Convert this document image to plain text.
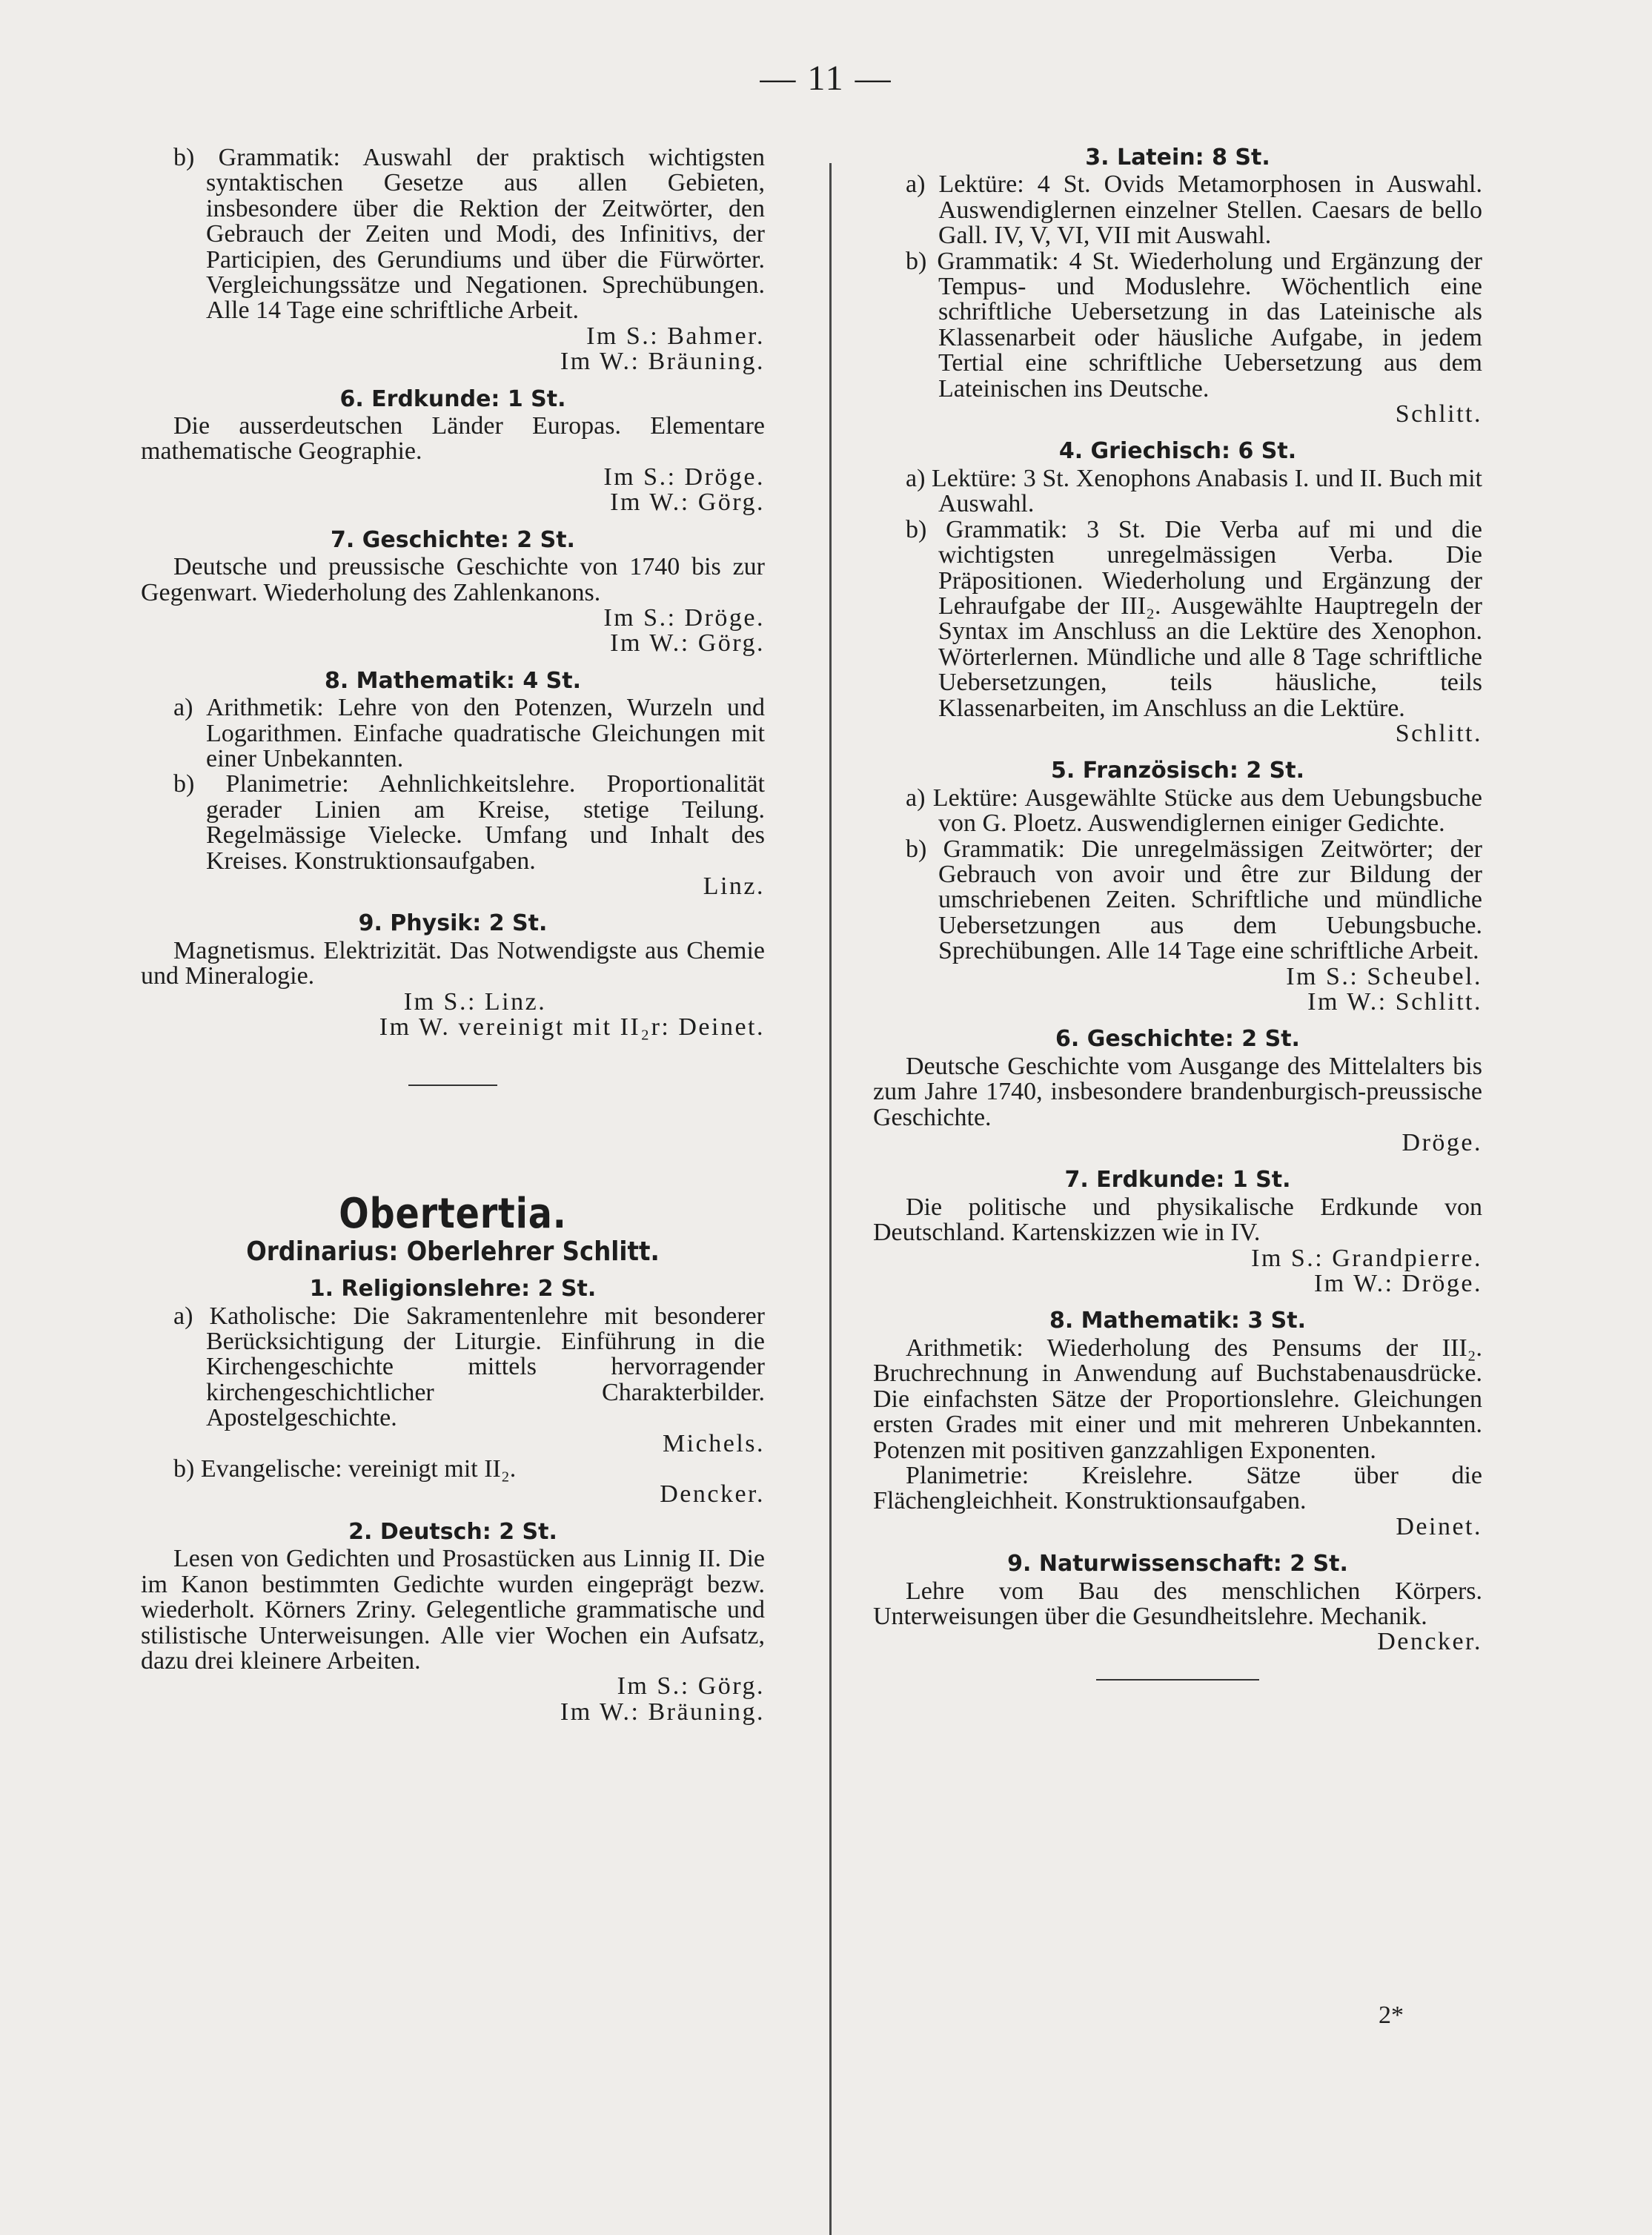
— 11 —

b) Grammatik: Auswahl der praktisch wichtigsten syntaktischen Gesetze aus allen Gebieten, insbesondere über die Rektion der Zeitwörter, den Gebrauch der Zeiten und Modi, des Infinitivs, der Participien, des Gerundiums und über die Fürwörter. Vergleichungssätze und Negationen. Sprechübungen. Alle 14 Tage eine schriftliche Arbeit.

Im S.: Bahmer.

Im W.: Bräuning.

6. Erdkunde: 1 St.

Die ausserdeutschen Länder Europas. Elementare mathematische Geographie.

Im S.: Dröge.

Im W.: Görg.

7. Geschichte: 2 St.

Deutsche und preussische Geschichte von 1740 bis zur Gegenwart. Wiederholung des Zahlenkanons.

Im S.: Dröge.

Im W.: Görg.

8. Mathematik: 4 St.

a) Arithmetik: Lehre von den Potenzen, Wurzeln und Logarithmen. Einfache quadratische Gleichungen mit einer Unbekannten.

b) Planimetrie: Aehnlichkeitslehre. Proportionalität gerader Linien am Kreise, stetige Teilung. Regelmässige Vielecke. Umfang und Inhalt des Kreises. Konstruktionsaufgaben.

Linz.

9. Physik: 2 St.

Magnetismus. Elektrizität. Das Notwendigste aus Chemie und Mineralogie.

Im S.: Linz.

Im W. vereinigt mit II₂r: Deinet.

Obertertia.
Ordinarius: Oberlehrer Schlitt.
1. Religionslehre: 2 St.

a) Katholische: Die Sakramentenlehre mit besonderer Berücksichtigung der Liturgie. Einführung in die Kirchengeschichte mittels hervorragender kirchengeschichtlicher Charakterbilder. Apostelgeschichte.

Michels.

b) Evangelische: vereinigt mit II₂.

Dencker.

2. Deutsch: 2 St.

Lesen von Gedichten und Prosastücken aus Linnig II. Die im Kanon bestimmten Gedichte wurden eingeprägt bezw. wiederholt. Körners Zriny. Gelegentliche grammatische und stilistische Unterweisungen. Alle vier Wochen ein Aufsatz, dazu drei kleinere Arbeiten.

Im S.: Görg.

Im W.: Bräuning.

3. Latein: 8 St.

a) Lektüre: 4 St. Ovids Metamorphosen in Auswahl. Auswendiglernen einzelner Stellen. Caesars de bello Gall. IV, V, VI, VII mit Auswahl.

b) Grammatik: 4 St. Wiederholung und Ergänzung der Tempus- und Moduslehre. Wöchentlich eine schriftliche Uebersetzung in das Lateinische als Klassenarbeit oder häusliche Aufgabe, in jedem Tertial eine schriftliche Uebersetzung aus dem Lateinischen ins Deutsche.

Schlitt.

4. Griechisch: 6 St.

a) Lektüre: 3 St. Xenophons Anabasis I. und II. Buch mit Auswahl.

b) Grammatik: 3 St. Die Verba auf mi und die wichtigsten unregelmässigen Verba. Die Präpositionen. Wiederholung und Ergänzung der Lehraufgabe der III₂. Ausgewählte Hauptregeln der Syntax im Anschluss an die Lektüre des Xenophon. Wörterlernen. Mündliche und alle 8 Tage schriftliche Uebersetzungen, teils häusliche, teils Klassenarbeiten, im Anschluss an die Lektüre.

Schlitt.

5. Französisch: 2 St.

a) Lektüre: Ausgewählte Stücke aus dem Uebungsbuche von G. Ploetz. Auswendiglernen einiger Gedichte.

b) Grammatik: Die unregelmässigen Zeitwörter; der Gebrauch von avoir und être zur Bildung der umschriebenen Zeiten. Schriftliche und mündliche Uebersetzungen aus dem Uebungsbuche. Sprechübungen. Alle 14 Tage eine schriftliche Arbeit.

Im S.: Scheubel.

Im W.: Schlitt.

6. Geschichte: 2 St.

Deutsche Geschichte vom Ausgange des Mittelalters bis zum Jahre 1740, insbesondere brandenburgisch-preussische Geschichte.

Dröge.

7. Erdkunde: 1 St.

Die politische und physikalische Erdkunde von Deutschland. Kartenskizzen wie in IV.

Im S.: Grandpierre.

Im W.: Dröge.

8. Mathematik: 3 St.

Arithmetik: Wiederholung des Pensums der III₂. Bruchrechnung in Anwendung auf Buchstabenausdrücke. Die einfachsten Sätze der Proportionslehre. Gleichungen ersten Grades mit einer und mit mehreren Unbekannten. Potenzen mit positiven ganzzahligen Exponenten.

Planimetrie: Kreislehre. Sätze über die Flächengleichheit. Konstruktionsaufgaben.

Deinet.

9. Naturwissenschaft: 2 St.

Lehre vom Bau des menschlichen Körpers. Unterweisungen über die Gesundheitslehre. Mechanik.

Dencker.

2*
